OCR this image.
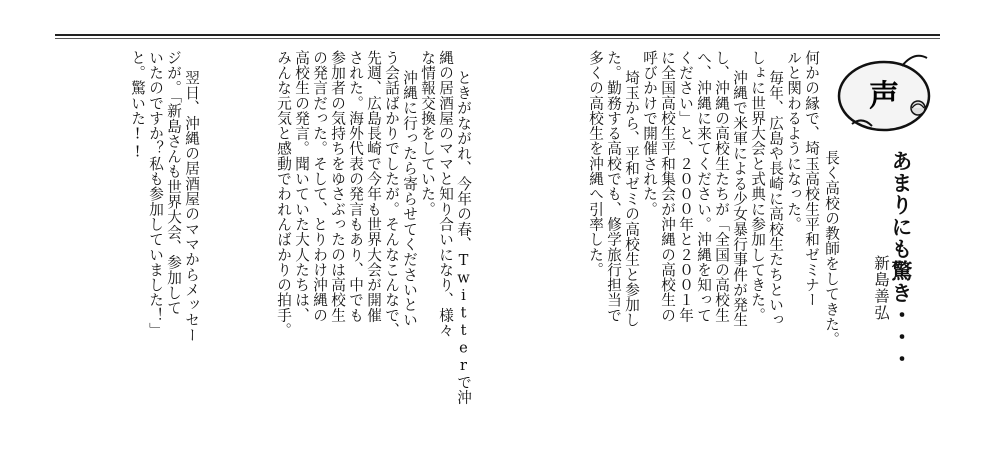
声
あまりにも驚き・・・
新島善弘
長く高校の教師をしてきた。
何かの縁で、埼玉高校生平和ゼミナー
ルと関わるようになった。
毎年、広島や長崎に高校生たちといっ
しょに世界大会と式典に参加してきた。
沖縄で米軍による少女暴行事件が発生
し、沖縄の高校生たちが「全国の高校生
へ、沖縄に来てください。沖縄を知って
ください」と、２０００年と２００１年
に全国高校生平和集会が沖縄の高校生の
呼びかけで開催された。
埼玉から、平和ゼミの高校生と参加し
た。勤務する高校でも、修学旅行担当で
多くの高校生を沖縄へ引率した。
ときがながれ、今年の春、Twitterで沖
縄の居酒屋のママと知り合いになり、様々
な情報交換をしていた。
沖縄に行ったら寄らせてくださいとい
う会話ばかりでしたが。そんなこんなで、
先週、広島長崎で今年も世界大会が開催
された。海外代表の発言もあり、中でも
参加者の気持ちをゆさぶったのは高校生
の発言だった。そして、とりわけ沖縄の
高校生の発言。聞いていた大人たちは、
みんな元気と感動でわれんばかりの拍手。
翌日、沖縄の居酒屋のママからメッセー
ジが。「新島さんも世界大会、参加して
いたのですか？私も参加していました！」
と。驚いた!!
